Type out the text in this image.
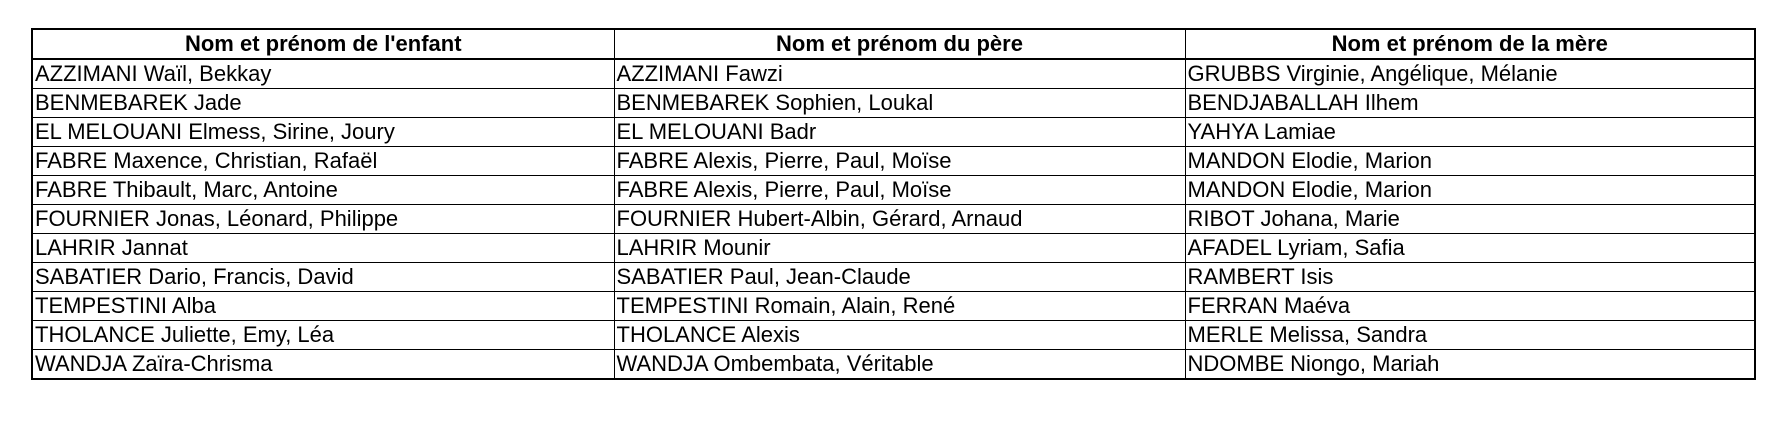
Nom et prénom de l'enfant	Nom et prénom du père	Nom et prénom de la mère
AZZIMANI Waïl, Bekkay	AZZIMANI Fawzi	GRUBBS Virginie, Angélique, Mélanie
BENMEBAREK Jade	BENMEBAREK Sophien, Loukal	BENDJABALLAH Ilhem
EL MELOUANI Elmess, Sirine, Joury	EL MELOUANI Badr	YAHYA Lamiae
FABRE Maxence, Christian, Rafaël	FABRE Alexis, Pierre, Paul, Moïse	MANDON Elodie, Marion
FABRE Thibault, Marc, Antoine	FABRE Alexis, Pierre, Paul, Moïse	MANDON Elodie, Marion
FOURNIER Jonas, Léonard, Philippe	FOURNIER Hubert-Albin, Gérard, Arnaud	RIBOT Johana, Marie
LAHRIR Jannat	LAHRIR Mounir	AFADEL Lyriam, Safia
SABATIER Dario, Francis, David	SABATIER Paul, Jean-Claude	RAMBERT Isis
TEMPESTINI Alba	TEMPESTINI Romain, Alain, René	FERRAN Maéva
THOLANCE Juliette, Emy, Léa	THOLANCE Alexis	MERLE Melissa, Sandra
WANDJA Zaïra-Chrisma	WANDJA Ombembata, Véritable	NDOMBE Niongo, Mariah
